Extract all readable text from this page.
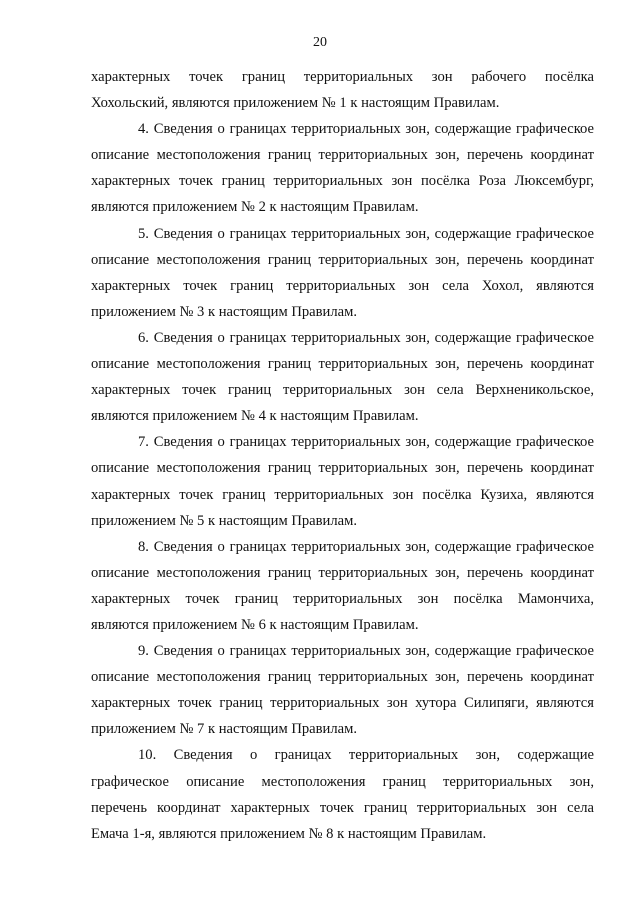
20
характерных точек границ территориальных зон рабочего посёлка
Хохольский, являются приложением № 1 к настоящим Правилам.
4. Сведения о границах территориальных зон, содержащие графическое
описание местоположения границ территориальных зон, перечень координат
характерных точек границ территориальных зон посёлка Роза Люксембург,
являются приложением № 2 к настоящим Правилам.
5. Сведения о границах территориальных зон, содержащие графическое
описание местоположения границ территориальных зон, перечень координат
характерных точек границ территориальных зон села Хохол, являются
приложением № 3 к настоящим Правилам.
6. Сведения о границах территориальных зон, содержащие графическое
описание местоположения границ территориальных зон, перечень координат
характерных точек границ территориальных зон села Верхненикольское,
являются приложением № 4 к настоящим Правилам.
7. Сведения о границах территориальных зон, содержащие графическое
описание местоположения границ территориальных зон, перечень координат
характерных точек границ территориальных зон посёлка Кузиха, являются
приложением № 5 к настоящим Правилам.
8. Сведения о границах территориальных зон, содержащие графическое
описание местоположения границ территориальных зон, перечень координат
характерных точек границ территориальных зон посёлка Мамончиха,
являются приложением № 6 к настоящим Правилам.
9. Сведения о границах территориальных зон, содержащие графическое
описание местоположения границ территориальных зон, перечень координат
характерных точек границ территориальных зон хутора Силипяги, являются
приложением № 7 к настоящим Правилам.
10. Сведения о границах территориальных зон, содержащие
графическое описание местоположения границ территориальных зон,
перечень координат характерных точек границ территориальных зон села
Емача 1-я, являются приложением № 8 к настоящим Правилам.
